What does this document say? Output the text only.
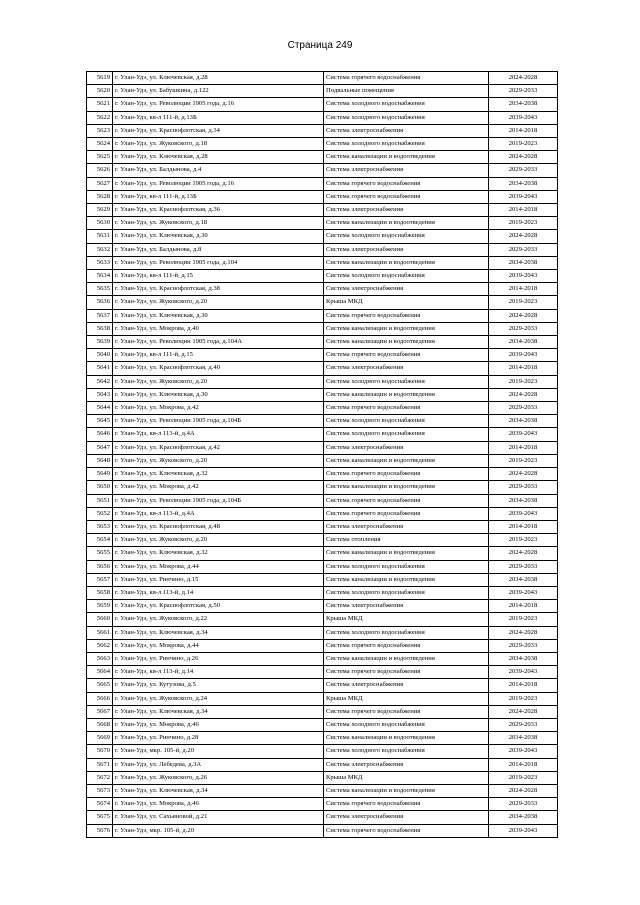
Страница 249
5619	г. Улан-Удэ, ул. Ключевская, д.28	Система горячего водоснабжения	2024-2028
5620	г. Улан-Удэ, ул. Бабушкина, д.122	Подвальные помещения	2029-2033
5621	г. Улан-Удэ, ул. Революции 1905 года, д.16	Система холодного водоснабжения	2034-2038
5622	г. Улан-Удэ, кв-л 111-й, д.13Б	Система холодного водоснабжения	2039-2043
5623	г. Улан-Удэ, ул. Краснофлотская, д.34	Система электроснабжения	2014-2018
5624	г. Улан-Удэ, ул. Жуковского, д.18	Система холодного водоснабжения	2019-2023
5625	г. Улан-Удэ, ул. Ключевская, д.28	Система канализации и водоотведения	2024-2028
5626	г. Улан-Удэ, ул. Балдынова, д.4	Система электроснабжения	2029-2033
5627	г. Улан-Удэ, ул. Революции 1905 года, д.16	Система горячего водоснабжения	2034-2038
5628	г. Улан-Удэ, кв-л 111-й, д.13Б	Система горячего водоснабжения	2039-2043
5629	г. Улан-Удэ, ул. Краснофлотская, д.36	Система электроснабжения	2014-2018
5630	г. Улан-Удэ, ул. Жуковского, д.18	Система канализации и водоотведения	2019-2023
5631	г. Улан-Удэ, ул. Ключевская, д.30	Система холодного водоснабжения	2024-2028
5632	г. Улан-Удэ, ул. Балдынова, д.8	Система электроснабжения	2029-2033
5633	г. Улан-Удэ, ул. Революции 1905 года, д.104	Система канализации и водоотведения	2034-2038
5634	г. Улан-Удэ, кв-л 111-й, д.15	Система холодного водоснабжения	2039-2043
5635	г. Улан-Удэ, ул. Краснофлотская, д.38	Система электроснабжения	2014-2018
5636	г. Улан-Удэ, ул. Жуковского, д.20	Крыша МКД	2019-2023
5637	г. Улан-Удэ, ул. Ключевская, д.30	Система горячего водоснабжения	2024-2028
5638	г. Улан-Удэ, ул. Мокрова, д.40	Система канализации и водоотведения	2029-2033
5639	г. Улан-Удэ, ул. Революции 1905 года, д.104А	Система канализации и водоотведения	2034-2038
5640	г. Улан-Удэ, кв-л 111-й, д.15	Система горячего водоснабжения	2039-2043
5641	г. Улан-Удэ, ул. Краснофлотская, д.40	Система электроснабжения	2014-2018
5642	г. Улан-Удэ, ул. Жуковского, д.20	Система холодного водоснабжения	2019-2023
5643	г. Улан-Удэ, ул. Ключевская, д.30	Система канализации и водоотведения	2024-2028
5644	г. Улан-Удэ, ул. Мокрова, д.42	Система горячего водоснабжения	2029-2033
5645	г. Улан-Удэ, ул. Революции 1905 года, д.104Б	Система холодного водоснабжения	2034-2038
5646	г. Улан-Удэ, кв-л 113-й, д.4А	Система холодного водоснабжения	2039-2043
5647	г. Улан-Удэ, ул. Краснофлотская, д.42	Система электроснабжения	2014-2018
5648	г. Улан-Удэ, ул. Жуковского, д.20	Система канализации и водоотведения	2019-2023
5649	г. Улан-Удэ, ул. Ключевская, д.32	Система горячего водоснабжения	2024-2028
5650	г. Улан-Удэ, ул. Мокрова, д.42	Система канализации и водоотведения	2029-2033
5651	г. Улан-Удэ, ул. Революции 1905 года, д.104Б	Система горячего водоснабжения	2034-2038
5652	г. Улан-Удэ, кв-л 113-й, д.4А	Система горячего водоснабжения	2039-2043
5653	г. Улан-Удэ, ул. Краснофлотская, д.48	Система электроснабжения	2014-2018
5654	г. Улан-Удэ, ул. Жуковского, д.20	Система отопления	2019-2023
5655	г. Улан-Удэ, ул. Ключевская, д.32	Система канализации и водоотведения	2024-2028
5656	г. Улан-Удэ, ул. Мокрова, д.44	Система холодного водоснабжения	2029-2033
5657	г. Улан-Удэ, ул. Ринчино, д.15	Система канализации и водоотведения	2034-2038
5658	г. Улан-Удэ, кв-л 113-й, д.14	Система холодного водоснабжения	2039-2043
5659	г. Улан-Удэ, ул. Краснофлотская, д.50	Система электроснабжения	2014-2018
5660	г. Улан-Удэ, ул. Жуковского, д.22	Крыша МКД	2019-2023
5661	г. Улан-Удэ, ул. Ключевская, д.34	Система холодного водоснабжения	2024-2028
5662	г. Улан-Удэ, ул. Мокрова, д.44	Система горячего водоснабжения	2029-2033
5663	г. Улан-Удэ, ул. Ринчино, д.26	Система канализации и водоотведения	2034-2038
5664	г. Улан-Удэ, кв-л 113-й, д.14	Система горячего водоснабжения	2039-2043
5665	г. Улан-Удэ, ул. Кутузова, д.5	Система электроснабжения	2014-2018
5666	г. Улан-Удэ, ул. Жуковского, д.24	Крыша МКД	2019-2023
5667	г. Улан-Удэ, ул. Ключевская, д.34	Система горячего водоснабжения	2024-2028
5668	г. Улан-Удэ, ул. Мокрова, д.46	Система холодного водоснабжения	2029-2033
5669	г. Улан-Удэ, ул. Ринчино, д.28	Система канализации и водоотведения	2034-2038
5670	г. Улан-Удэ, мкр. 105-й, д.20	Система холодного водоснабжения	2039-2043
5671	г. Улан-Удэ, ул. Лебедева, д.3А	Система электроснабжения	2014-2018
5672	г. Улан-Удэ, ул. Жуковского, д.26	Крыша МКД	2019-2023
5673	г. Улан-Удэ, ул. Ключевская, д.34	Система канализации и водоотведения	2024-2028
5674	г. Улан-Удэ, ул. Мокрова, д.46	Система горячего водоснабжения	2029-2033
5675	г. Улан-Удэ, ул. Сахьяновой, д.21	Система электроснабжения	2034-2038
5676	г. Улан-Удэ, мкр. 105-й, д.20	Система горячего водоснабжения	2039-2043
